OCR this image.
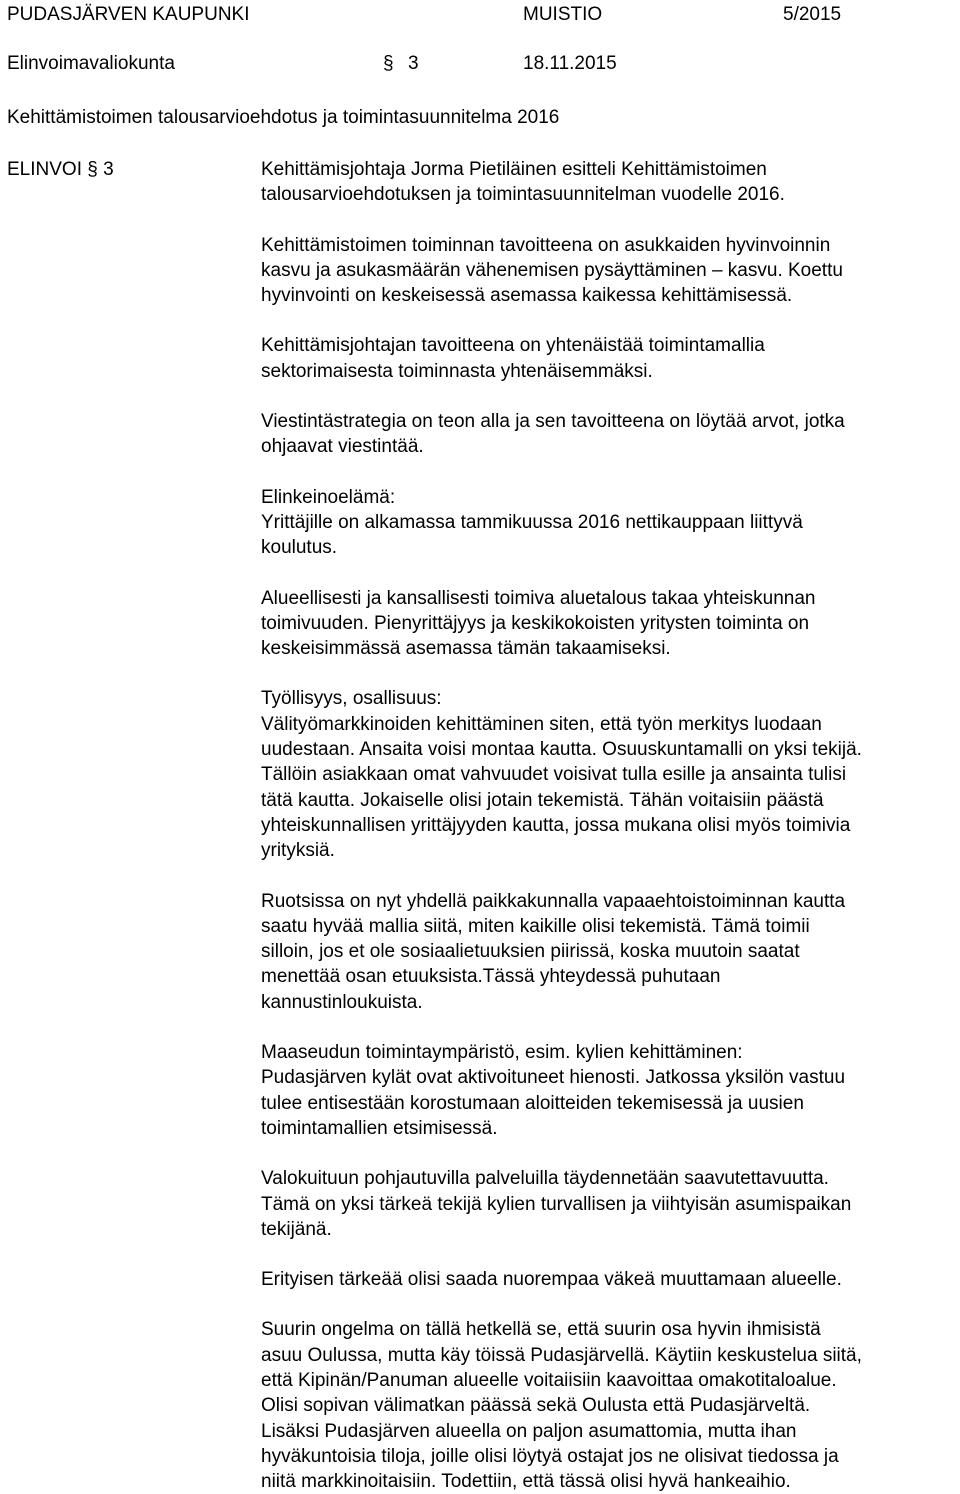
PUDASJÄRVEN KAUPUNKI	MUISTIO	5/2015
Elinvoimavaliokunta	§ 3	18.11.2015
Kehittämistoimen talousarvioehdotus ja toimintasuunnitelma 2016
ELINVOI § 3	Kehittämisjohtaja Jorma Pietiläinen esitteli Kehittämistoimen

talousarvioehdotuksen ja toimintasuunnitelman vuodelle 2016.

Kehittämistoimen toiminnan tavoitteena on asukkaiden hyvinvoinnin

kasvu ja asukasmäärän vähenemisen pysäyttäminen – kasvu. Koettu

hyvinvointi on keskeisessä asemassa kaikessa kehittämisessä.

Kehittämisjohtajan tavoitteena on yhtenäistää toimintamallia

sektorimaisesta toiminnasta yhtenäisemmäksi.

Viestintästrategia on teon alla ja sen tavoitteena on löytää arvot, jotka

ohjaavat viestintää.

Elinkeinoelämä:

Yrittäjille on alkamassa tammikuussa 2016 nettikauppaan liittyvä

koulutus.

Alueellisesti ja kansallisesti toimiva aluetalous takaa yhteiskunnan

toimivuuden. Pienyrittäjyys ja keskikokoisten yritysten toiminta on

keskeisimmässä asemassa tämän takaamiseksi.

Työllisyys, osallisuus:

Välityömarkkinoiden kehittäminen siten, että työn merkitys luodaan

uudestaan. Ansaita voisi montaa kautta. Osuuskuntamalli on yksi tekijä.

Tällöin asiakkaan omat vahvuudet voisivat tulla esille ja ansainta tulisi

tätä kautta. Jokaiselle olisi jotain tekemistä. Tähän voitaisiin päästä

yhteiskunnallisen yrittäjyyden kautta, jossa mukana olisi myös toimivia

yrityksiä.

Ruotsissa on nyt yhdellä paikkakunnalla vapaaehtoistoiminnan kautta

saatu hyvää mallia siitä, miten kaikille olisi tekemistä. Tämä toimii

silloin, jos et ole sosiaalietuuksien piirissä, koska muutoin saatat

menettää osan etuuksista.Tässä yhteydessä puhutaan

kannustinloukuista.

Maaseudun toimintaympäristö, esim. kylien kehittäminen:

Pudasjärven kylät ovat aktivoituneet hienosti. Jatkossa yksilön vastuu

tulee entisestään korostumaan aloitteiden tekemisessä ja uusien

toimintamallien etsimisessä.

Valokuituun pohjautuvilla palveluilla täydennetään saavutettavuutta.

Tämä on yksi tärkeä tekijä kylien turvallisen ja viihtyisän asumispaikan

tekijänä.

Erityisen tärkeää olisi saada nuorempaa väkeä muuttamaan alueelle.

Suurin ongelma on tällä hetkellä se, että suurin osa hyvin ihmisistä

asuu Oulussa, mutta käy töissä Pudasjärvellä. Käytiin keskustelua siitä,

että Kipinän/Panuman alueelle voitaiisiin kaavoittaa omakotitaloalue.

Olisi sopivan välimatkan päässä sekä Oulusta että Pudasjärveltä.

Lisäksi Pudasjärven alueella on paljon asumattomia, mutta ihan

hyväkuntoisia tiloja, joille olisi löytyä ostajat jos ne olisivat tiedossa ja

niitä markkinoitaisiin. Todettiin, että tässä olisi hyvä hankeaihio.
